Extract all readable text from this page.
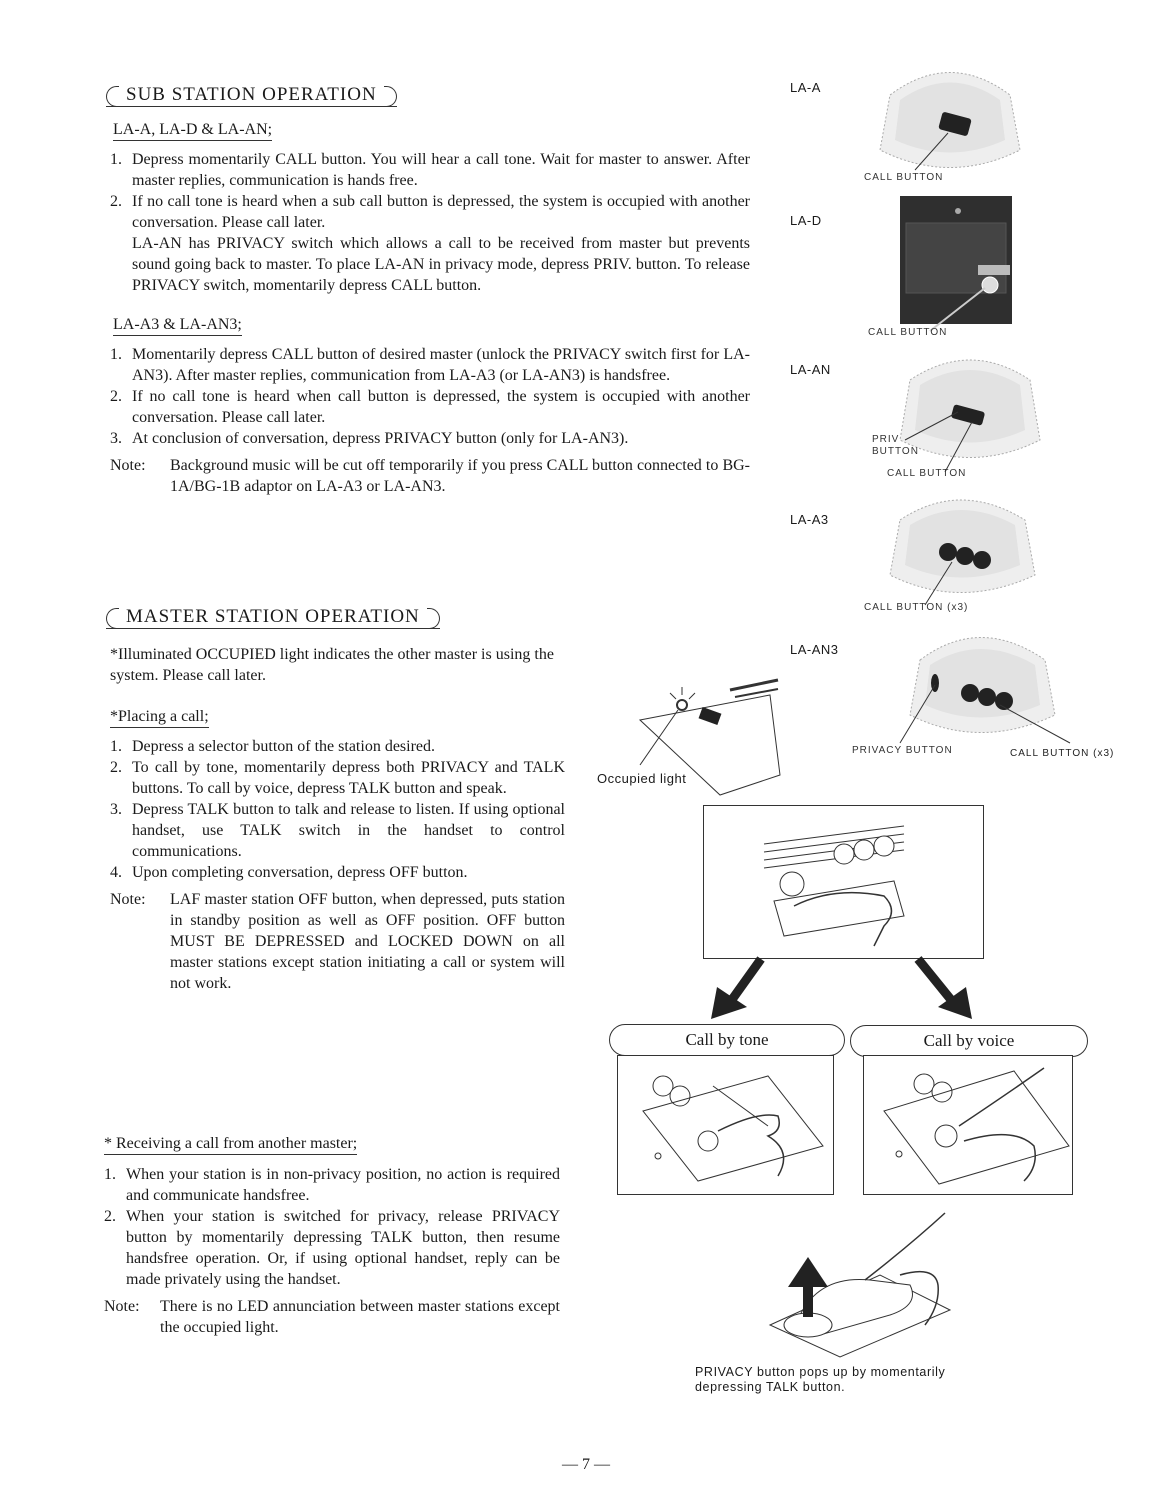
SUB STATION OPERATION
LA-A, LA-D & LA-AN;
1. Depress momentarily CALL button. You will hear a call tone. Wait for master to answer. After master replies, communication is hands free.
2. If no call tone is heard when a sub call button is depressed, the system is occupied with another conversation. Please call later.

LA-AN has PRIVACY switch which allows a call to be received from master but prevents sound going back to master. To place LA-AN in privacy mode, depress PRIV. button. To release PRIVACY switch, momentarily depress CALL button.

LA-A3 & LA-AN3;
1. Momentarily depress CALL button of desired master (unlock the PRIVACY switch first for LA-AN3). After master replies, communication from LA-A3 (or LA-AN3) is handsfree.
2. If no call tone is heard when call button is depressed, the system is occupied with another conversation. Please call later.
3. At conclusion of conversation, depress PRIVACY button (only for LA-AN3).
Note:	Background music will be cut off temporarily if you press CALL button connected to BG-1A/BG-1B adaptor on LA-A3 or LA-AN3.
MASTER STATION OPERATION
*Illuminated OCCUPIED light indicates the other master is using the system. Please call later.
*Placing a call;
1. Depress a selector button of the station desired.
2. To call by tone, momentarily depress both PRIVACY and TALK buttons. To call by voice, depress TALK button and speak.
3. Depress TALK button to talk and release to listen. If using optional handset, use TALK switch in the handset to control communications.
4. Upon completing conversation, depress OFF button.
Note:	LAF master station OFF button, when depressed, puts station in standby position as well as OFF position. OFF button MUST BE DEPRESSED and LOCKED DOWN on all master stations except station initiating a call or system will not work.
* Receiving a call from another master;
1. When your station is in non-privacy position, no action is required and communicate handsfree.
2. When your station is switched for privacy, release PRIVACY button by momentarily depressing TALK button, then resume handsfree operation. Or, if using optional handset, reply can be made privately using the handset.
Note:	There is no LED annunciation between master stations except the occupied light.
LA-A
CALL BUTTON
LA-D
CALL BUTTON
LA-AN
PRIV BUTTON
CALL BUTTON
LA-A3
CALL BUTTON (x3)
LA-AN3
PRIVACY BUTTON	CALL BUTTON (x3)
Occupied light
Call by tone	Call by voice
PRIVACY button pops up by momentarily
depressing TALK button.
— 7 —
